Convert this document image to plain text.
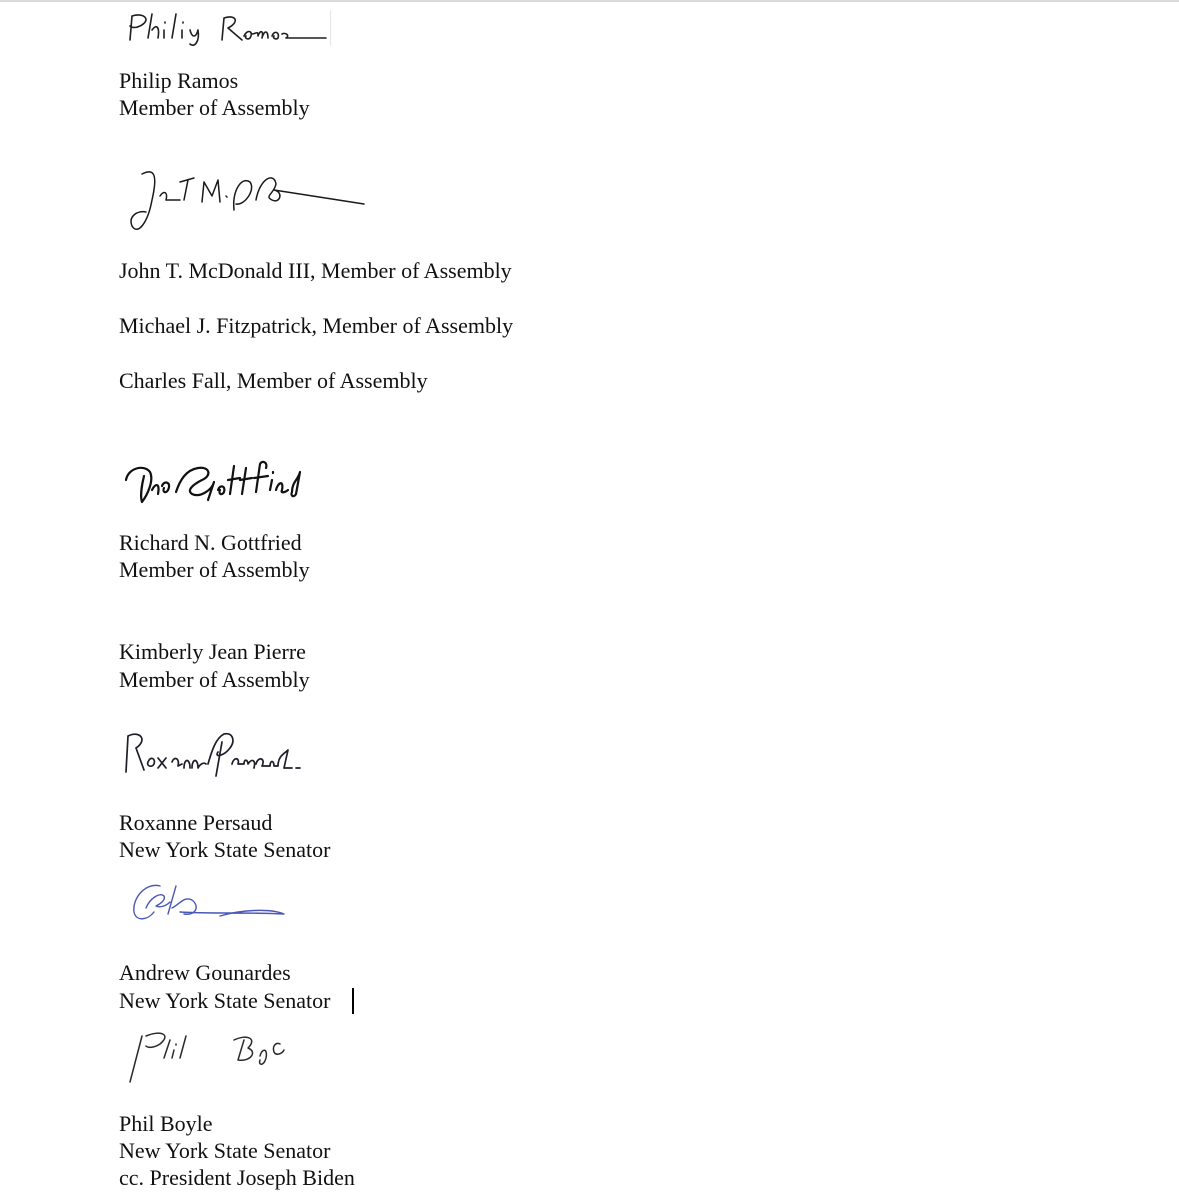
Philip Ramos
Member of Assembly
John T. McDonald III, Member of Assembly
Michael J. Fitzpatrick, Member of Assembly
Charles Fall, Member of Assembly
Richard N. Gottfried
Member of Assembly
Kimberly Jean Pierre
Member of Assembly
Roxanne Persaud
New York State Senator
Andrew Gounardes
New York State Senator
Phil Boyle
New York State Senator
cc. President Joseph Biden
